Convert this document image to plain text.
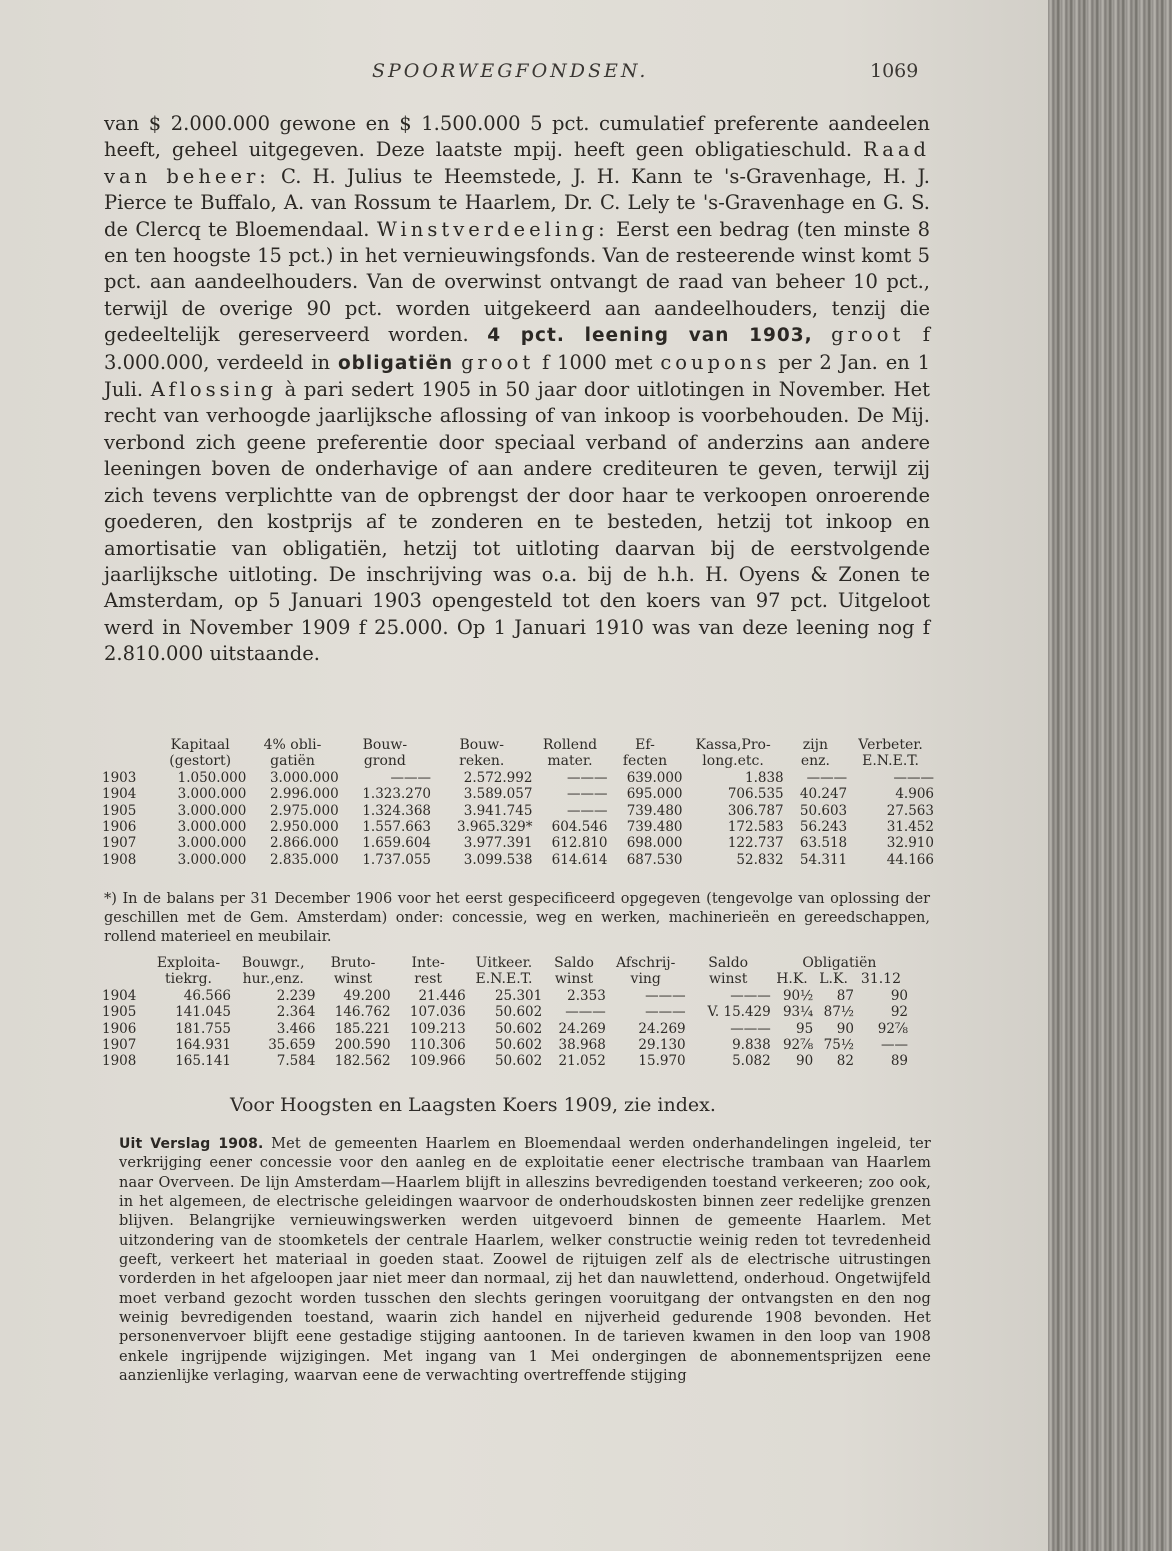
SPOORWEGFONDSEN.	1069

van $ 2.000.000 gewone en $ 1.500.000 5 pct. cumulatief preferente aandeelen heeft, geheel uitgegeven. Deze laatste mpij. heeft geen obligatieschuld. Raad van beheer: C. H. Julius te Heemstede, J. H. Kann te 's-Gravenhage, H. J. Pierce te Buffalo, A. van Rossum te Haarlem, Dr. C. Lely te 's-Gravenhage en G. S. de Clercq te Bloemendaal. Winstverdeeling: Eerst een bedrag (ten minste 8 en ten hoogste 15 pct.) in het vernieuwingsfonds. Van de resteerende winst komt 5 pct. aan aandeelhouders. Van de overwinst ontvangt de raad van beheer 10 pct., terwijl de overige 90 pct. worden uitgekeerd aan aandeelhouders, tenzij die gedeeltelijk gereserveerd worden. 4 pct. leening van 1903, groot f 3.000.000, verdeeld in obligatiën groot f 1000 met coupons per 2 Jan. en 1 Juli. Aflossing à pari sedert 1905 in 50 jaar door uitlotingen in November. Het recht van verhoogde jaarlijksche aflossing of van inkoop is voorbehouden. De Mij. verbond zich geene preferentie door speciaal verband of anderzins aan andere leeningen boven de onderhavige of aan andere crediteuren te geven, terwijl zij zich tevens verplichtte van de opbrengst der door haar te verkoopen onroerende goederen, den kostprijs af te zonderen en te besteden, hetzij tot inkoop en amortisatie van obligatiën, hetzij tot uitloting daarvan bij de eerstvolgende jaarlijksche uitloting. De inschrijving was o.a. bij de h.h. H. Oyens & Zonen te Amsterdam, op 5 Januari 1903 opengesteld tot den koers van 97 pct. Uitgeloot werd in November 1909 f 25.000. Op 1 Januari 1910 was van deze leening nog f 2.810.000 uitstaande.

	Kapitaal	4% obli-	Bouw-	Bouw-	Rollend	Ef-	Kassa,Pro-	zijn	Verbeter.
	(gestort)	gatiën	grond	reken.	mater.	fecten	long.etc.	enz.	E.N.E.T.
1903	1.050.000	3.000.000	———	2.572.992	———	639.000	1.838	———	———
1904	3.000.000	2.996.000	1.323.270	3.589.057	———	695.000	706.535	40.247	4.906
1905	3.000.000	2.975.000	1.324.368	3.941.745	———	739.480	306.787	50.603	27.563
1906	3.000.000	2.950.000	1.557.663	3.965.329*	604.546	739.480	172.583	56.243	31.452
1907	3.000.000	2.866.000	1.659.604	3.977.391	612.810	698.000	122.737	63.518	32.910
1908	3.000.000	2.835.000	1.737.055	3.099.538	614.614	687.530	52.832	54.311	44.166

*) In de balans per 31 December 1906 voor het eerst gespecificeerd opgegeven (tengevolge van oplossing der geschillen met de Gem. Amsterdam) onder: concessie, weg en werken, machinerieën en gereedschappen, rollend materieel en meubilair.

	Exploita-	Bouwgr.,	Bruto-	Inte-	Uitkeer.	Saldo	Afschrij-	Saldo	Obligatiën		
	tiekrg.	hur.,enz.	winst	rest	E.N.E.T.	winst	ving	winst	H.K.	L.K.	31.12
1904	46.566	2.239	49.200	21.446	25.301	2.353	———	———	90½	87	90
1905	141.045	2.364	146.762	107.036	50.602	———	———	V. 15.429	93¼	87½	92
1906	181.755	3.466	185.221	109.213	50.602	24.269	24.269	———	95	90	92⅞
1907	164.931	35.659	200.590	110.306	50.602	38.968	29.130	9.838	92⅞	75½	——
1908	165.141	7.584	182.562	109.966	50.602	21.052	15.970	5.082	90	82	89
Voor Hoogsten en Laagsten Koers 1909, zie index.

Uit Verslag 1908. Met de gemeenten Haarlem en Bloemendaal werden onderhandelingen ingeleid, ter verkrijging eener concessie voor den aanleg en de exploitatie eener electrische trambaan van Haarlem naar Overveen. De lijn Amsterdam—Haarlem blijft in alleszins bevredigenden toestand verkeeren; zoo ook, in het algemeen, de electrische geleidingen waarvoor de onderhoudskosten binnen zeer redelijke grenzen blijven. Belangrijke vernieuwingswerken werden uitgevoerd binnen de gemeente Haarlem. Met uitzondering van de stoomketels der centrale Haarlem, welker constructie weinig reden tot tevredenheid geeft, verkeert het materiaal in goeden staat. Zoowel de rijtuigen zelf als de electrische uitrustingen vorderden in het afgeloopen jaar niet meer dan normaal, zij het dan nauwlettend, onderhoud. Ongetwijfeld moet verband gezocht worden tusschen den slechts geringen vooruitgang der ontvangsten en den nog weinig bevredigenden toestand, waarin zich handel en nijverheid gedurende 1908 bevonden. Het personenvervoer blijft eene gestadige stijging aantoonen. In de tarieven kwamen in den loop van 1908 enkele ingrijpende wijzigingen. Met ingang van 1 Mei ondergingen de abonnementsprijzen eene aanzienlijke verlaging, waarvan eene de verwachting overtreffende stijging
